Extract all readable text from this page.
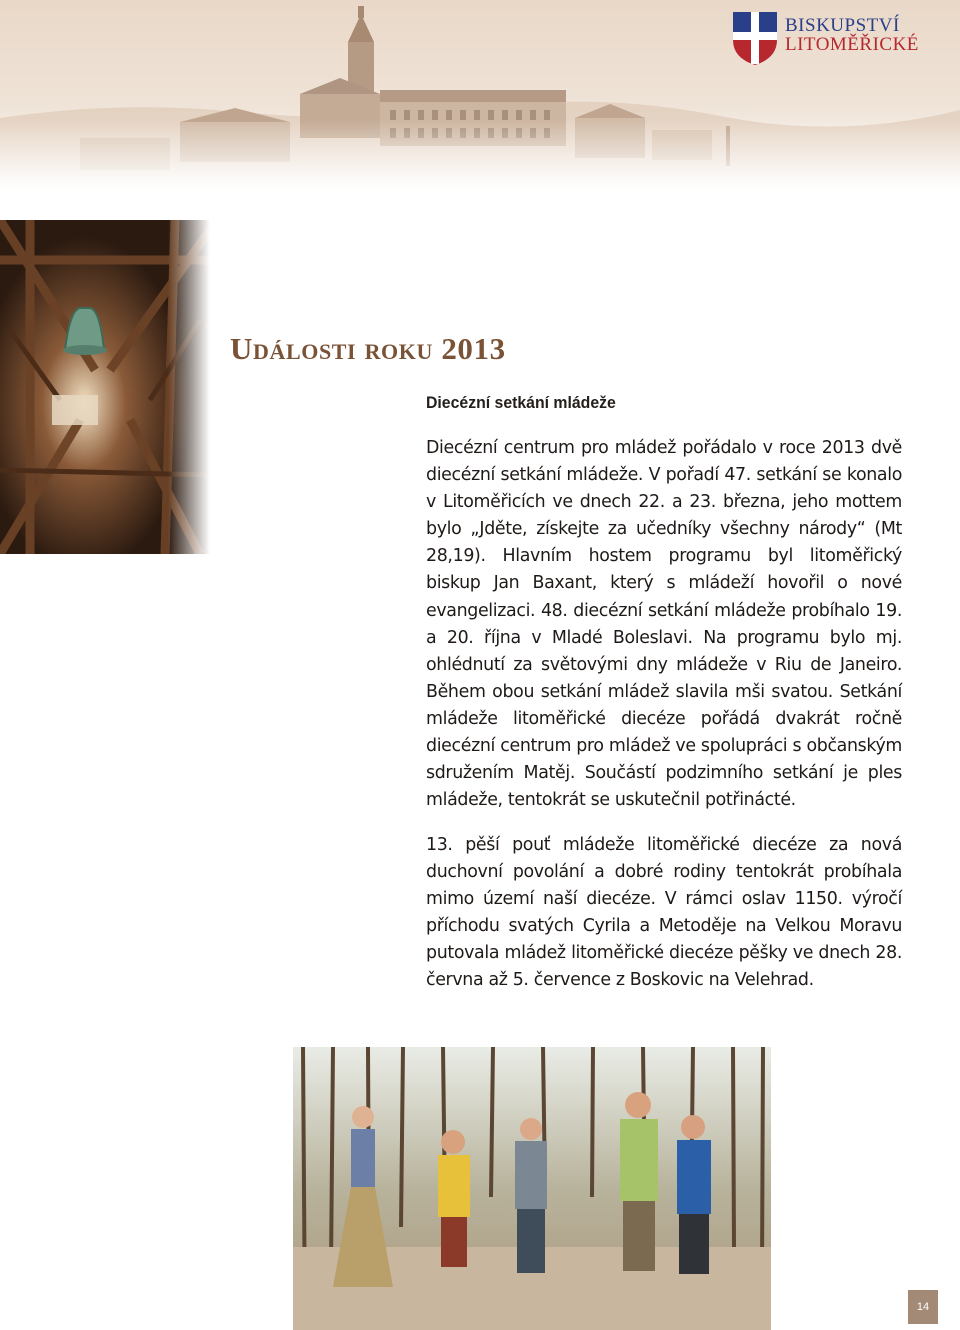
BISKUPSTVÍ
LITOMĚŘICKÉ
Události roku 2013
Diecézní setkání mládeže

Diecézní centrum pro mládež pořádalo v roce 2013 dvě diecézní setkání mládeže. V pořadí 47. setkání se konalo v Litoměřicích ve dnech 22. a 23. března, jeho mottem bylo „Jděte, získejte za učedníky všechny národy“ (Mt 28,19). Hlavním hostem programu byl litoměřický biskup Jan Baxant, který s mládeží hovořil o nové evangelizaci. 48. diecézní setkání mládeže probíhalo 19. a 20. října v Mladé Boleslavi. Na programu bylo mj. ohlédnutí za světovými dny mládeže v Riu de Janeiro. Během obou setkání mládež slavila mši svatou. Setkání mládeže litoměřické diecéze pořádá dvakrát ročně diecézní centrum pro mládež ve spolupráci s občanským sdružením Matěj. Součástí podzimního setkání je ples mládeže, tentokrát se uskutečnil potřinácté.

13. pěší pouť mládeže litoměřické diecéze za nová duchovní povolání a dobré rodiny tentokrát probíhala mimo území naší diecéze. V rámci oslav 1150. výročí příchodu svatých Cyrila a Metoděje na Velkou Moravu putovala mládež litoměřické diecéze pěšky ve dnech 28. června až 5. července z Boskovic na Velehrad.

14
